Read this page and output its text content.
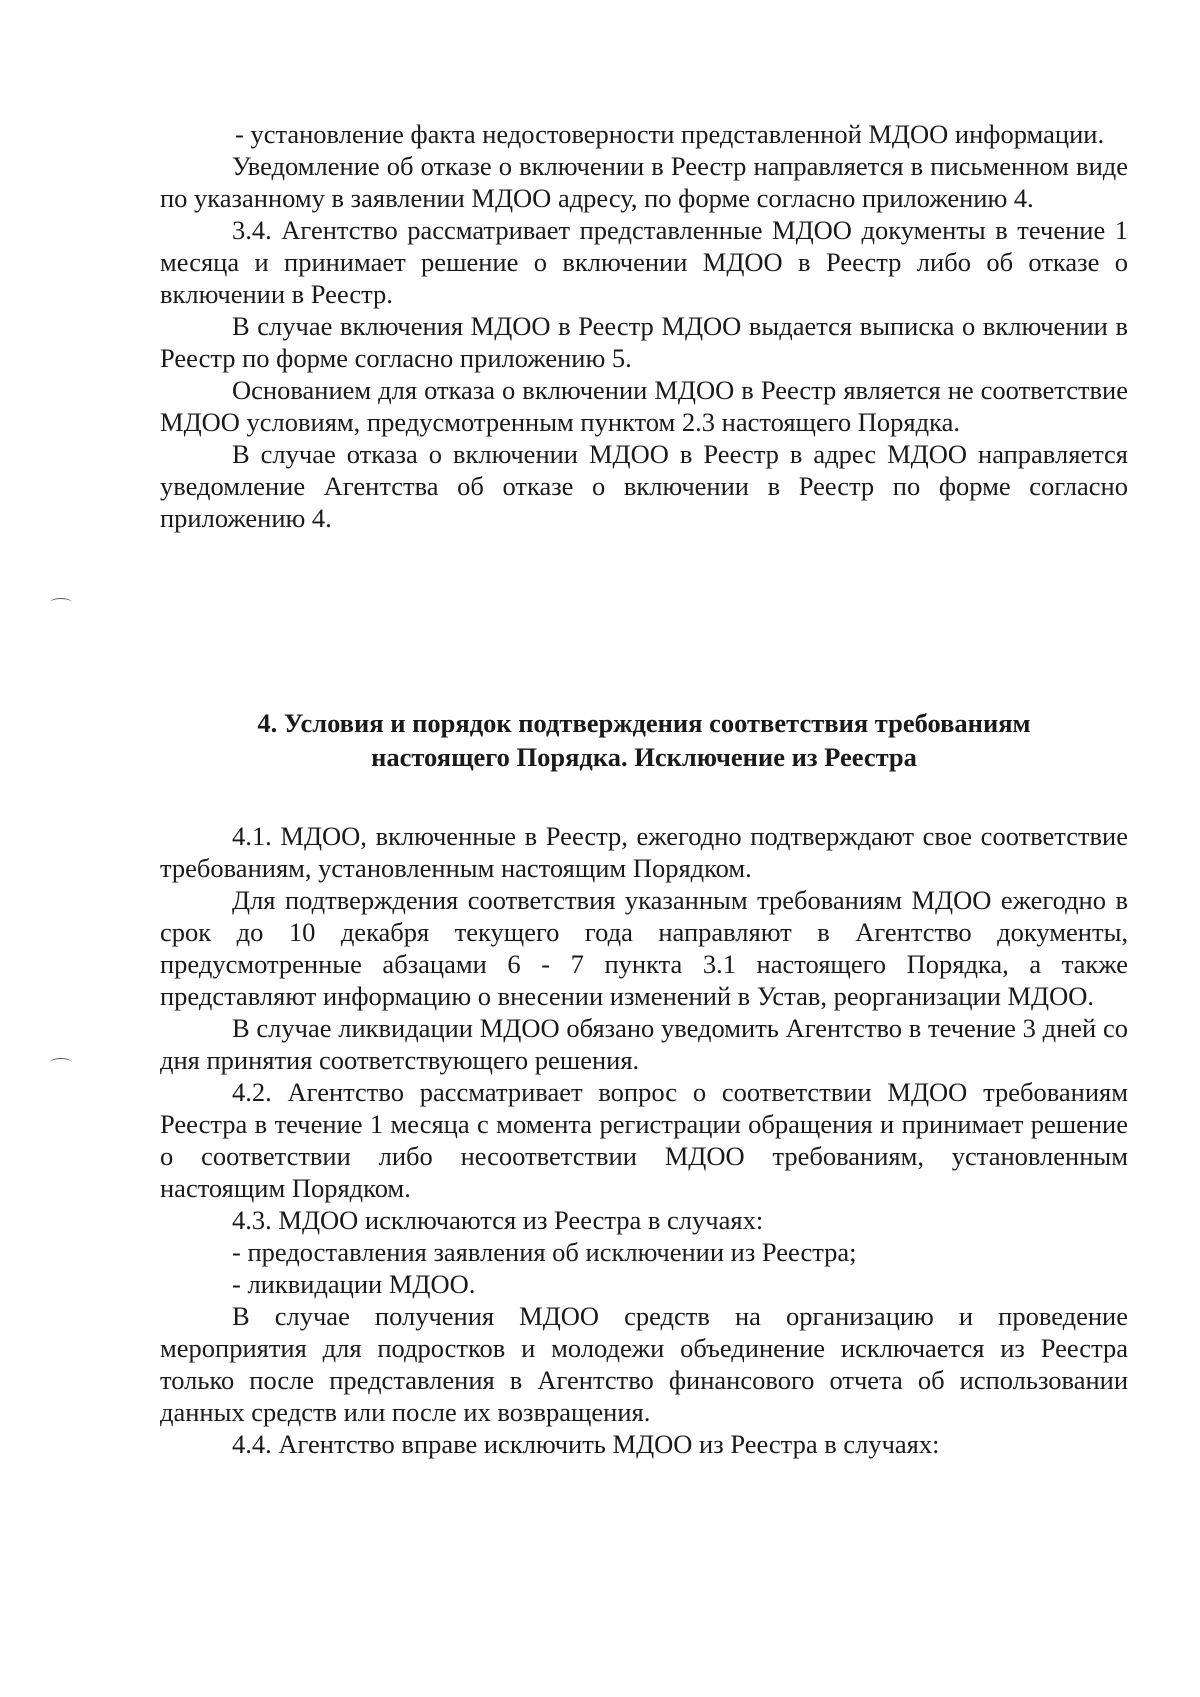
- установление факта недостоверности представленной МДОО информации.

Уведомление об отказе о включении в Реестр направляется в письменном виде по указанному в заявлении МДОО адресу, по форме согласно приложению 4.

3.4. Агентство рассматривает представленные МДОО документы в течение 1 месяца и принимает решение о включении МДОО в Реестр либо об отказе о включении в Реестр.

В случае включения МДОО в Реестр МДОО выдается выписка о включении в Реестр по форме согласно приложению 5.

Основанием для отказа о включении МДОО в Реестр является не соответствие МДОО условиям, предусмотренным пунктом 2.3 настоящего Порядка.

В случае отказа о включении МДОО в Реестр в адрес МДОО направляется уведомление Агентства об отказе о включении в Реестр по форме согласно приложению 4.

4. Условия и порядок подтверждения соответствия требованиям

настоящего Порядка. Исключение из Реестра

4.1. МДОО, включенные в Реестр, ежегодно подтверждают свое соответствие требованиям, установленным настоящим Порядком.

Для подтверждения соответствия указанным требованиям МДОО ежегодно в срок до 10 декабря текущего года направляют в Агентство документы, предусмотренные абзацами 6 - 7 пункта 3.1 настоящего Порядка, а также представляют информацию о внесении изменений в Устав, реорганизации МДОО.

В случае ликвидации МДОО обязано уведомить Агентство в течение 3 дней со дня принятия соответствующего решения.

4.2. Агентство рассматривает вопрос о соответствии МДОО требованиям Реестра в течение 1 месяца с момента регистрации обращения и принимает решение о соответствии либо несоответствии МДОО требованиям, установленным настоящим Порядком.

4.3. МДОО исключаются из Реестра в случаях:

- предоставления заявления об исключении из Реестра;

- ликвидации МДОО.

В случае получения МДОО средств на организацию и проведение мероприятия для подростков и молодежи объединение исключается из Реестра только после представления в Агентство финансового отчета об использовании данных средств или после их возвращения.

4.4. Агентство вправе исключить МДОО из Реестра в случаях:
